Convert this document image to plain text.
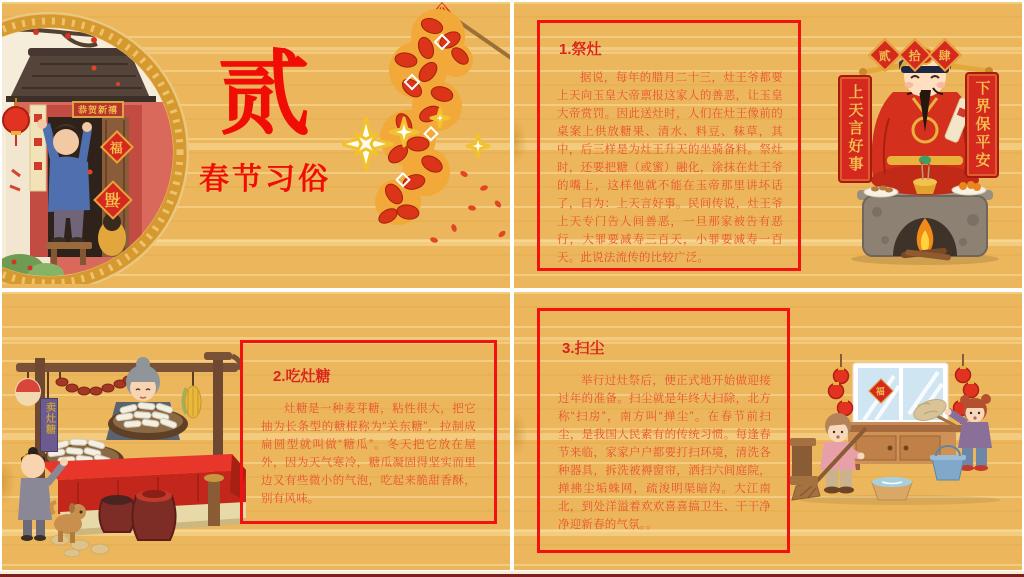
恭贺新禧
福
福
贰
春节习俗
1.祭灶

据说，每年的腊月二十三，灶王爷都要上天向玉皇大帝禀报这家人的善恶，让玉皇大帝赏罚。因此送灶时，人们在灶王像前的桌案上供放糖果、清水、料豆、秣草，其中，后三样是为灶王升天的坐骑备料。祭灶时，还要把糖（或蜜）融化，涂抹在灶王爷的嘴上，这样他就不能在玉帝那里讲坏话了，曰为：上天言好事。民间传说，灶王爷上天专门告人间善恶，一旦那家被告有恶行，大罪要减寿三百天，小罪要减寿一百天。此说法流传的比较广泛。

贰 拾 肆
上天言好事	下界保平安
卖灶糖
2.吃灶糖

灶糖是一种麦芽糖，粘性很大，把它抽为长条型的糖棍称为“关东糖”，拉制成扁圆型就叫做“糖瓜”。冬天把它放在屋外，因为天气寒冷，糖瓜凝固得坚实而里边又有些微小的气泡，吃起来脆甜香酥，别有风味。

3.扫尘

举行过灶祭后，便正式地开始做迎接过年的准备。扫尘就是年终大扫除，北方称“扫房”，南方叫“掸尘”。在春节前扫尘，是我国人民素有的传统习惯。每逢春节来临，家家户户都要打扫环境，清洗各种器具，拆洗被褥窗帘，洒扫六闾庭院，掸拂尘垢蛛网，疏浚明渠暗沟。大江南北，到处洋溢着欢欢喜喜搞卫生、干干净净迎新春的气氛。。

福
